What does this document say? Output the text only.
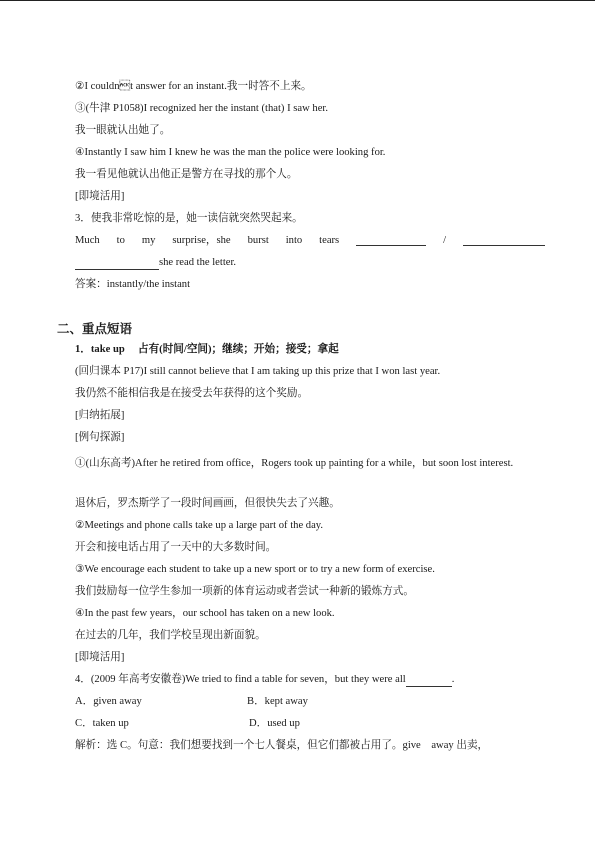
②I couldnt answer for an instant.我一时答不上来。
③(牛津 P1058)I recognized her the instant (that) I saw her.
我一眼就认出她了。
④Instantly I saw him I knew he was the man the police were looking for.
我一看见他就认出他正是警方在寻找的那个人。
[即境活用]
3．使我非常吃惊的是，她一读信就突然哭起来。
Much to my surprise，she burst into tears	/
she read the letter.
答案：instantly/the instant
二、重点短语
1．take up　 占有(时间/空间)；继续；开始；接受；拿起
(回归课本 P17)I still cannot believe that I am taking up this prize that I won last year.
我仍然不能相信我是在接受去年获得的这个奖励。
[归纳拓展]
[例句探源]
①(山东高考)After he retired from office，Rogers took up painting for a while，but soon lost interest.
退休后，罗杰斯学了一段时间画画，但很快失去了兴趣。
②Meetings and phone calls take up a large part of the day.
开会和接电话占用了一天中的大多数时间。
③We encourage each student to take up a new sport or to try a new form of exercise.
我们鼓励每一位学生参加一项新的体育运动或者尝试一种新的锻炼方式。
④In the past few years，our school has taken on a new look.
在过去的几年，我们学校呈现出新面貌。
[即境活用]
4．(2009 年高考安徽卷)We tried to find a table for seven，but they were all	.
A．given away	B．kept away
C．taken up	D．used up
解析：选 C。句意：我们想要找到一个七人餐桌，但它们都被占用了。give　away 出卖，
